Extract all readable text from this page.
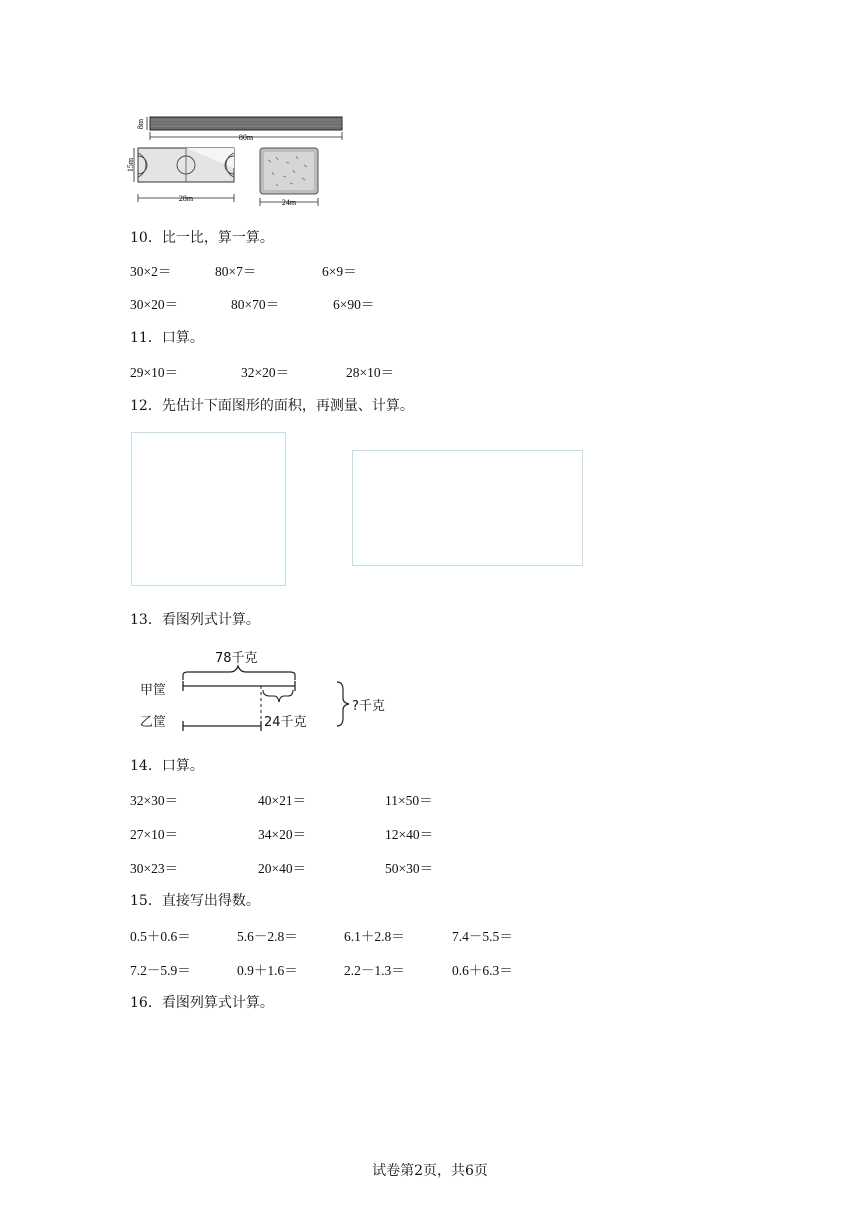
8m
80m
15m
28m	24m
10．比一比，算一算。
30×2＝	80×7＝	6×9＝
30×20＝	80×70＝	6×90＝
11．口算。
29×10＝	32×20＝	28×10＝
12．先估计下面图形的面积，再测量、计算。
13．看图列式计算。
78千克
甲筐
乙筐	24千克
?千克
14．口算。
32×30＝	40×21＝	11×50＝
27×10＝	34×20＝	12×40＝
30×23＝	20×40＝	50×30＝
15．直接写出得数。
0.5＋0.6＝	5.6－2.8＝	6.1＋2.8＝	7.4－5.5＝
7.2－5.9＝	0.9＋1.6＝	2.2－1.3＝	0.6＋6.3＝
16．看图列算式计算。
试卷第2页，共6页
